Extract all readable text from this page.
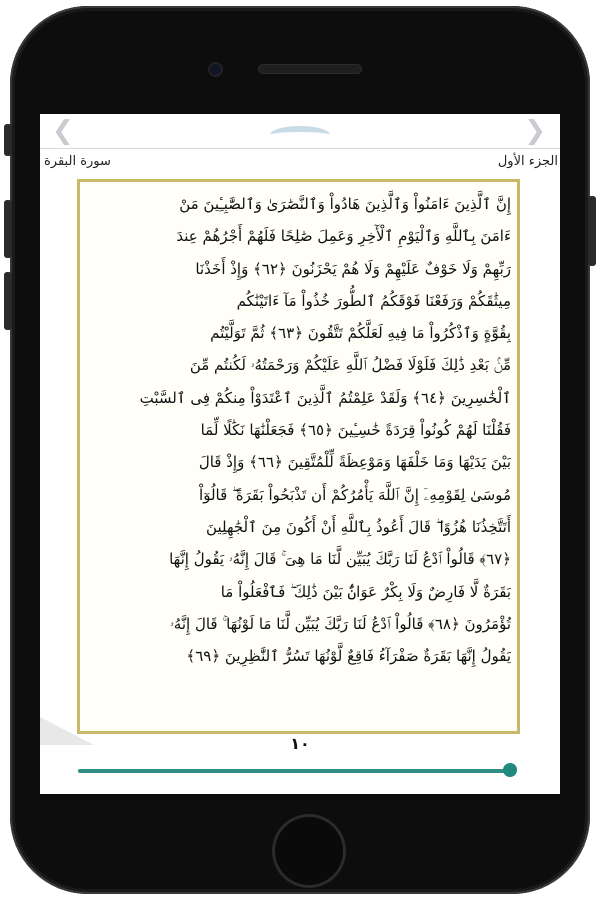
❮	❯
الجزء الأول
سورة البقرة
إِنَّ ٱلَّذِينَ ءَامَنُواْ وَٱلَّذِينَ هَادُواْ وَٱلنَّصَٰرَىٰ وَٱلصَّٰبِـِٔينَ مَنْ
ءَامَنَ بِٱللَّهِ وَٱلْيَوْمِ ٱلْأٓخِرِ وَعَمِلَ صَٰلِحًا فَلَهُمْ أَجْرُهُمْ عِندَ
رَبِّهِمْ وَلَا خَوْفٌ عَلَيْهِمْ وَلَا هُمْ يَحْزَنُونَ ﴿٦٢﴾ وَإِذْ أَخَذْنَا
مِيثَٰقَكُمْ وَرَفَعْنَا فَوْقَكُمُ ٱلطُّورَ خُذُواْ مَآ ءَاتَيْنَٰكُم
بِقُوَّةٍ وَٱذْكُرُواْ مَا فِيهِ لَعَلَّكُمْ تَتَّقُونَ ﴿٦٣﴾ ثُمَّ تَوَلَّيْتُم
مِّنۢ بَعْدِ ذَٰلِكَ فَلَوْلَا فَضْلُ ٱللَّهِ عَلَيْكُمْ وَرَحْمَتُهُۥ لَكُنتُم مِّنَ
ٱلْخَٰسِرِينَ ﴿٦٤﴾ وَلَقَدْ عَلِمْتُمُ ٱلَّذِينَ ٱعْتَدَوْاْ مِنكُمْ فِى ٱلسَّبْتِ
فَقُلْنَا لَهُمْ كُونُواْ قِرَدَةً خَٰسِـِٔينَ ﴿٦٥﴾ فَجَعَلْنَٰهَا نَكَٰلًا لِّمَا
بَيْنَ يَدَيْهَا وَمَا خَلْفَهَا وَمَوْعِظَةً لِّلْمُتَّقِينَ ﴿٦٦﴾ وَإِذْ قَالَ
مُوسَىٰ لِقَوْمِهِۦٓ إِنَّ ٱللَّهَ يَأْمُرُكُمْ أَن تَذْبَحُواْ بَقَرَةً ۖ قَالُوٓاْ
أَتَتَّخِذُنَا هُزُوًا ۖ قَالَ أَعُوذُ بِٱللَّهِ أَنْ أَكُونَ مِنَ ٱلْجَٰهِلِينَ
﴿٦٧﴾ قَالُواْ ٱدْعُ لَنَا رَبَّكَ يُبَيِّن لَّنَا مَا هِىَ ۚ قَالَ إِنَّهُۥ يَقُولُ إِنَّهَا
بَقَرَةٌ لَّا فَارِضٌ وَلَا بِكْرٌ عَوَانٌۢ بَيْنَ ذَٰلِكَ ۖ فَٱفْعَلُواْ مَا
تُؤْمَرُونَ ﴿٦٨﴾ قَالُواْ ٱدْعُ لَنَا رَبَّكَ يُبَيِّن لَّنَا مَا لَوْنُهَا ۚ قَالَ إِنَّهُۥ
يَقُولُ إِنَّهَا بَقَرَةٌ صَفْرَآءُ فَاقِعٌ لَّوْنُهَا تَسُرُّ ٱلنَّٰظِرِينَ ﴿٦٩﴾
١٠
